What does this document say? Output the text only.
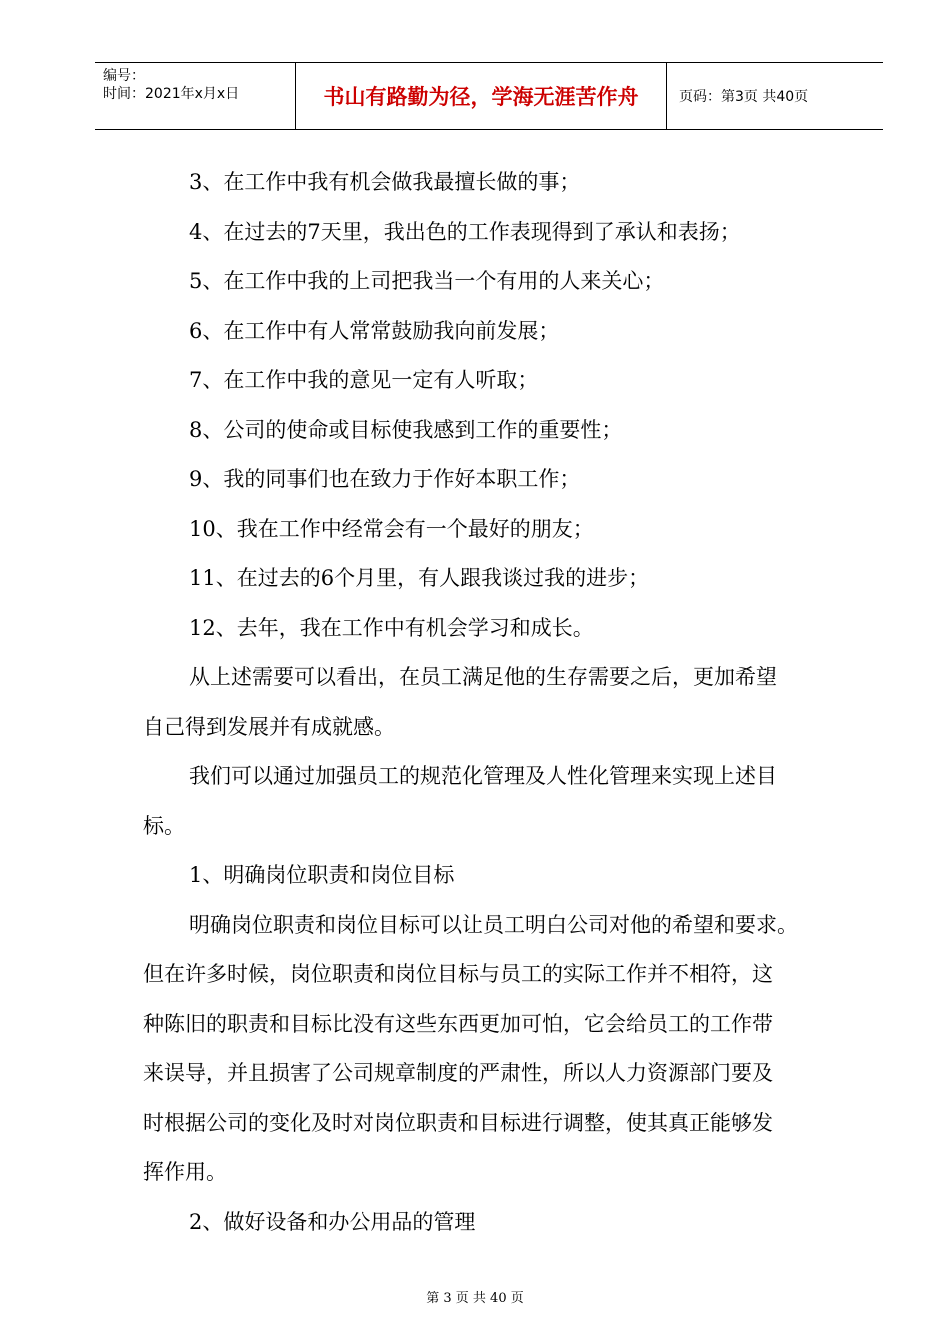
编号：
时间：2021年x月x日	书山有路勤为径，学海无涯苦作舟	页码：第3页 共40页

3、在工作中我有机会做我最擅长做的事；

4、在过去的7天里，我出色的工作表现得到了承认和表扬；

5、在工作中我的上司把我当一个有用的人来关心；

6、在工作中有人常常鼓励我向前发展；

7、在工作中我的意见一定有人听取；

8、公司的使命或目标使我感到工作的重要性；

9、我的同事们也在致力于作好本职工作；

10、我在工作中经常会有一个最好的朋友；

11、在过去的6个月里，有人跟我谈过我的进步；

12、去年，我在工作中有机会学习和成长。

从上述需要可以看出，在员工满足他的生存需要之后，更加希望

自己得到发展并有成就感。

我们可以通过加强员工的规范化管理及人性化管理来实现上述目

标。

1、明确岗位职责和岗位目标

明确岗位职责和岗位目标可以让员工明白公司对他的希望和要求。

但在许多时候，岗位职责和岗位目标与员工的实际工作并不相符，这

种陈旧的职责和目标比没有这些东西更加可怕，它会给员工的工作带

来误导，并且损害了公司规章制度的严肃性，所以人力资源部门要及

时根据公司的变化及时对岗位职责和目标进行调整，使其真正能够发

挥作用。

2、做好设备和办公用品的管理

第 3 页 共 40 页
